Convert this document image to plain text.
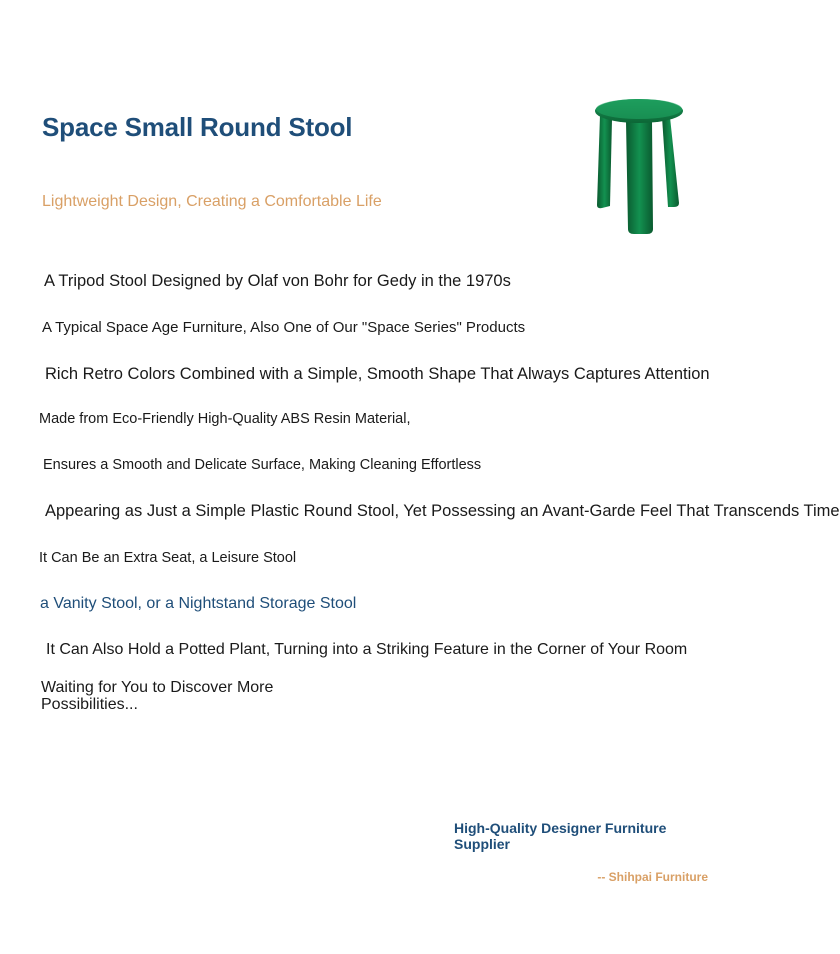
Space Small Round Stool
Lightweight Design, Creating a Comfortable Life
A Tripod Stool Designed by Olaf von Bohr for Gedy in the 1970s
A Typical Space Age Furniture, Also One of Our "Space Series" Products
Rich Retro Colors Combined with a Simple, Smooth Shape That Always Captures Attention
Made from Eco-Friendly High-Quality ABS Resin Material,
Ensures a Smooth and Delicate Surface, Making Cleaning Effortless
Appearing as Just a Simple Plastic Round Stool, Yet Possessing an Avant-Garde Feel That Transcends Time
It Can Be an Extra Seat, a Leisure Stool
a Vanity Stool, or a Nightstand Storage Stool
It Can Also Hold a Potted Plant, Turning into a Striking Feature in the Corner of Your Room
Waiting for You to Discover More Possibilities...
High-Quality Designer Furniture Supplier
-- Shihpai Furniture
